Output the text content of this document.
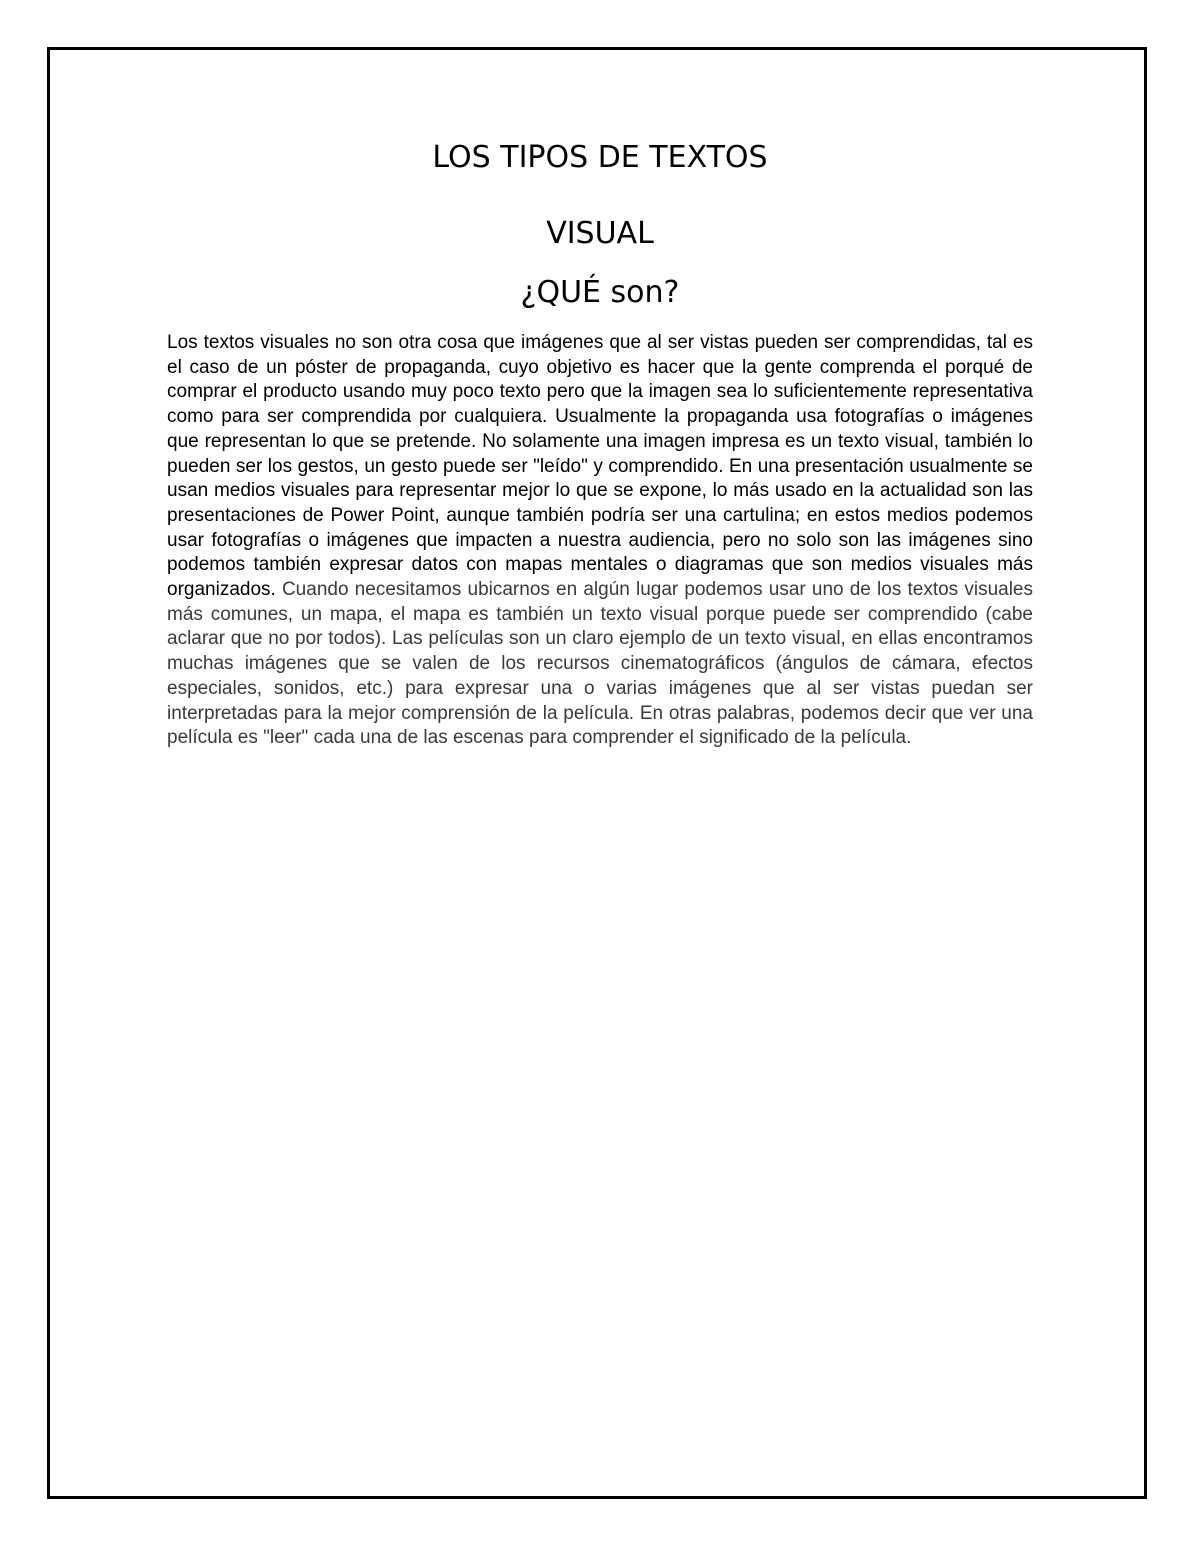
LOS TIPOS DE TEXTOS
VISUAL
¿QUÉ son?

Los textos visuales no son otra cosa que imágenes que al ser vistas pueden ser comprendidas, tal es el caso de un póster de propaganda, cuyo objetivo es hacer que la gente comprenda el porqué de comprar el producto usando muy poco texto pero que la imagen sea lo suficientemente representativa como para ser comprendida por cualquiera. Usualmente la propaganda usa fotografías o imágenes que representan lo que se pretende. No solamente una imagen impresa es un texto visual, también lo pueden ser los gestos, un gesto puede ser "leído" y comprendido. En una presentación usualmente se usan medios visuales para representar mejor lo que se expone, lo más usado en la actualidad son las presentaciones de Power Point, aunque también podría ser una cartulina; en estos medios podemos usar fotografías o imágenes que impacten a nuestra audiencia, pero no solo son las imágenes sino podemos también expresar datos con mapas mentales o diagramas que son medios visuales más organizados. Cuando necesitamos ubicarnos en algún lugar podemos usar uno de los textos visuales más comunes, un mapa, el mapa es también un texto visual porque puede ser comprendido (cabe aclarar que no por todos). Las películas son un claro ejemplo de un texto visual, en ellas encontramos muchas imágenes que se valen de los recursos cinematográficos (ángulos de cámara, efectos especiales, sonidos, etc.) para expresar una o varias imágenes que al ser vistas puedan ser interpretadas para la mejor comprensión de la película. En otras palabras, podemos decir que ver una película es "leer" cada una de las escenas para comprender el significado de la película.
